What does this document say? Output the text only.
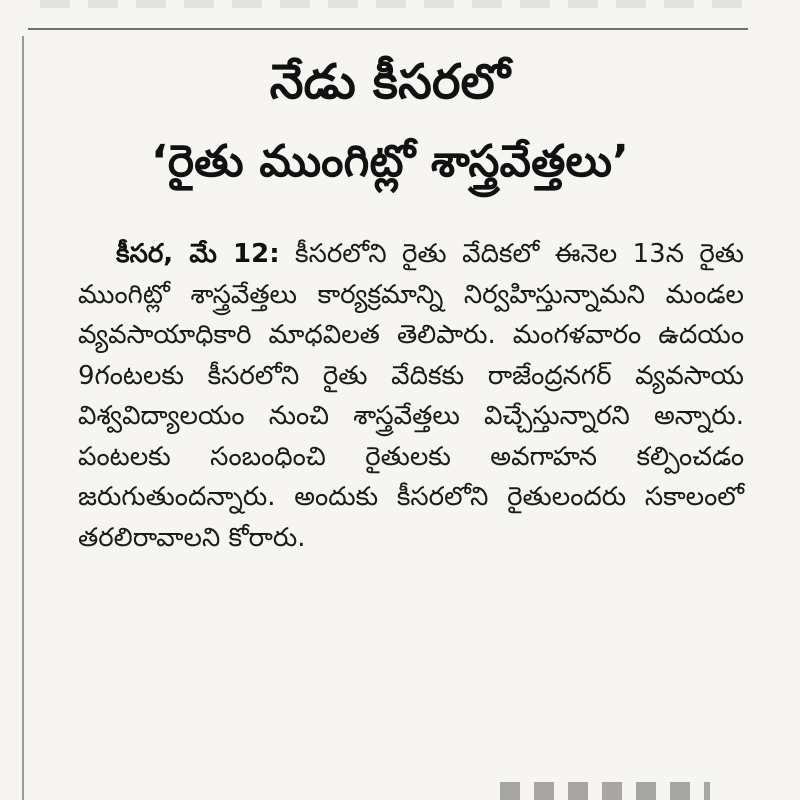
నేడు కీసరలో
‘రైతు ముంగిట్లో శాస్త్రవేత్తలు’

కీసర, మే 12: కీసరలోని రైతు వేదికలో ఈనెల 13న రైతు ముంగిట్లో శాస్త్రవేత్తలు కార్యక్రమాన్ని నిర్వహిస్తున్నామని మండల వ్యవసాయాధికారి మాధవిలత తెలిపారు. మంగళవారం ఉదయం 9గంటలకు కీసరలోని రైతు వేదికకు రాజేంద్రనగర్ వ్యవసాయ విశ్వవిద్యాలయం నుంచి శాస్త్రవేత్తలు విచ్చేస్తున్నారని అన్నారు. పంటలకు సంబంధించి రైతులకు అవగాహన కల్పించడం జరుగుతుందన్నారు. అందుకు కీసరలోని రైతులందరు సకాలంలో తరలిరావాలని కోరారు.
